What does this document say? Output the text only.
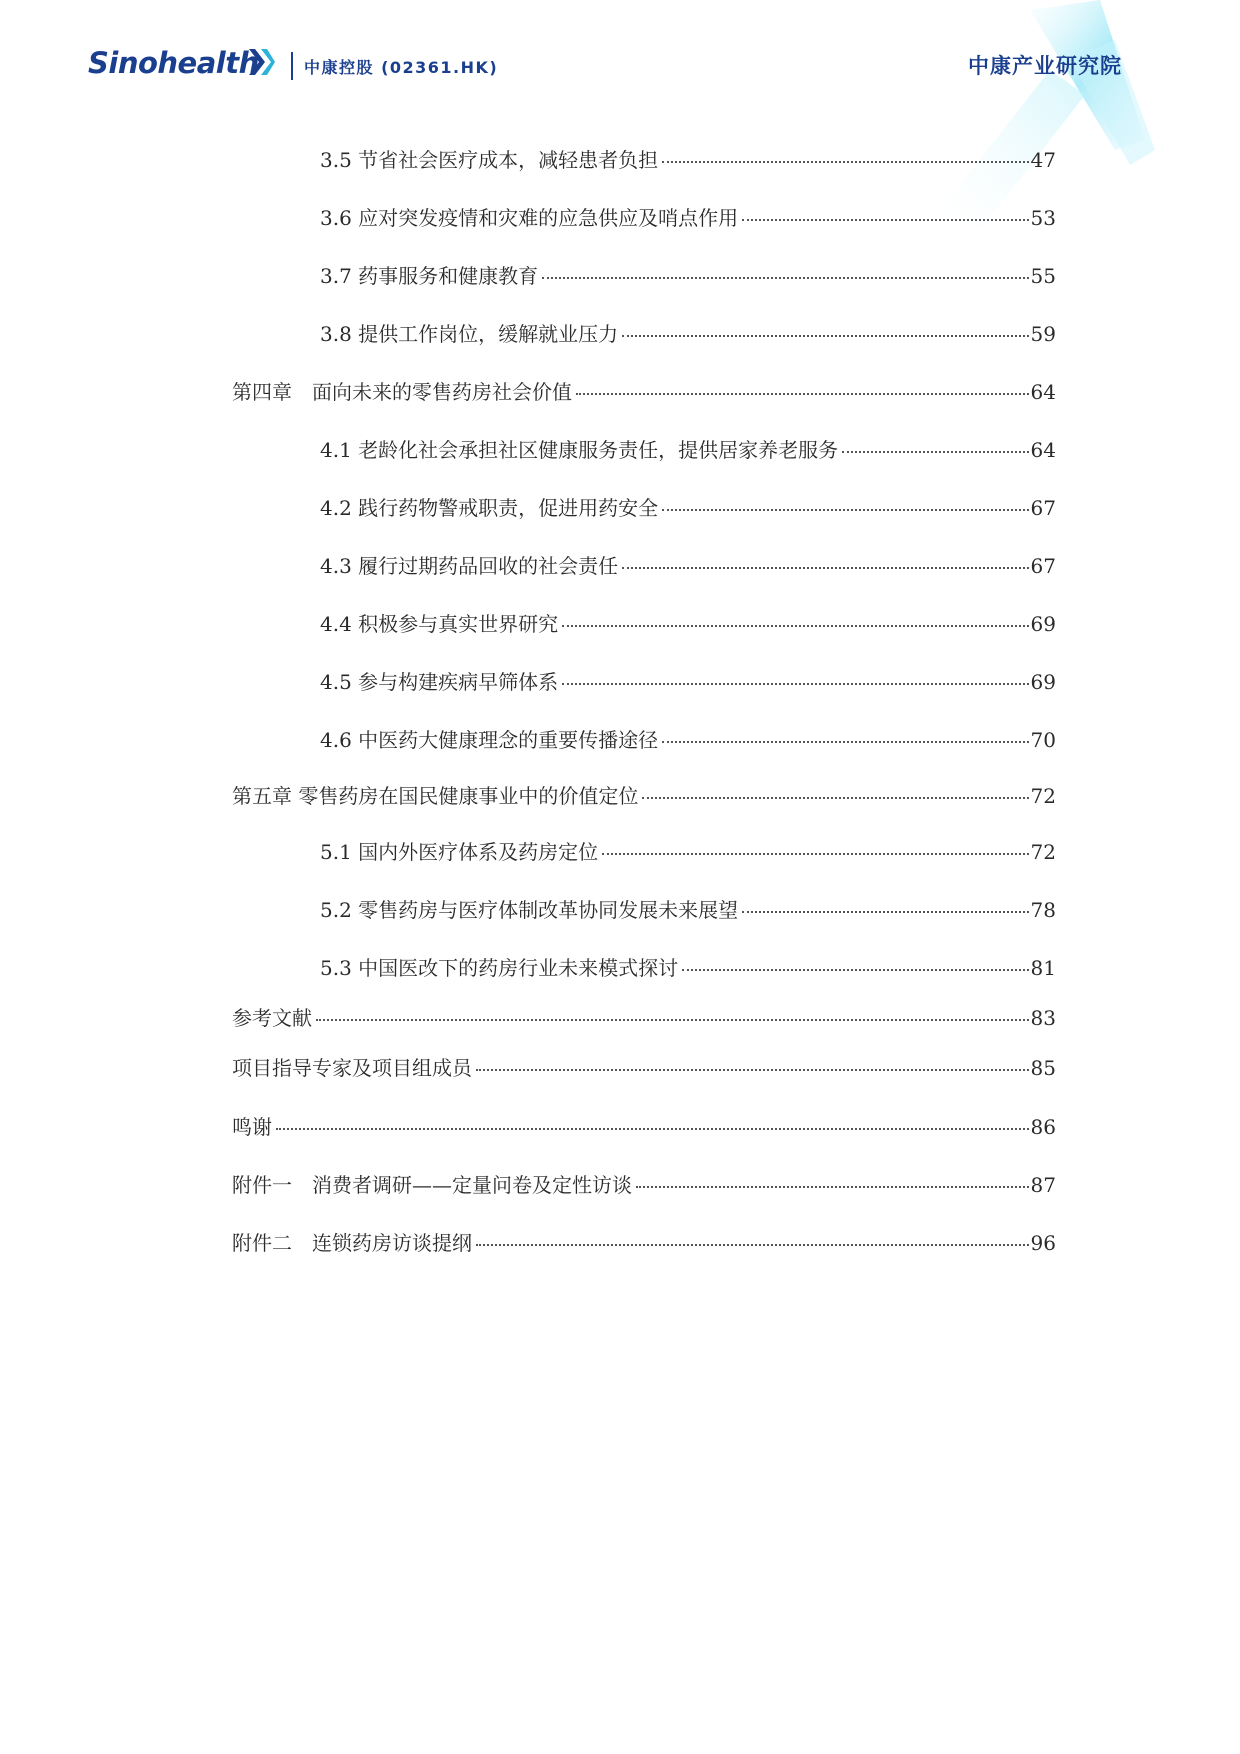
Sinohealth	中康控股 (02361.HK)	中康产业研究院
3.5 节省社会医疗成本，减轻患者负担	47
3.6 应对突发疫情和灾难的应急供应及哨点作用	53
3.7 药事服务和健康教育	55
3.8 提供工作岗位，缓解就业压力	59
第四章　面向未来的零售药房社会价值	64
4.1 老龄化社会承担社区健康服务责任，提供居家养老服务	64
4.2 践行药物警戒职责，促进用药安全	67
4.3 履行过期药品回收的社会责任	67
4.4 积极参与真实世界研究	69
4.5 参与构建疾病早筛体系	69
4.6 中医药大健康理念的重要传播途径	70
第五章 零售药房在国民健康事业中的价值定位	72
5.1 国内外医疗体系及药房定位	72
5.2 零售药房与医疗体制改革协同发展未来展望	78
5.3 中国医改下的药房行业未来模式探讨	81
参考文献	83
项目指导专家及项目组成员	85
鸣谢	86
附件一　消费者调研——定量问卷及定性访谈	87
附件二　连锁药房访谈提纲	96
